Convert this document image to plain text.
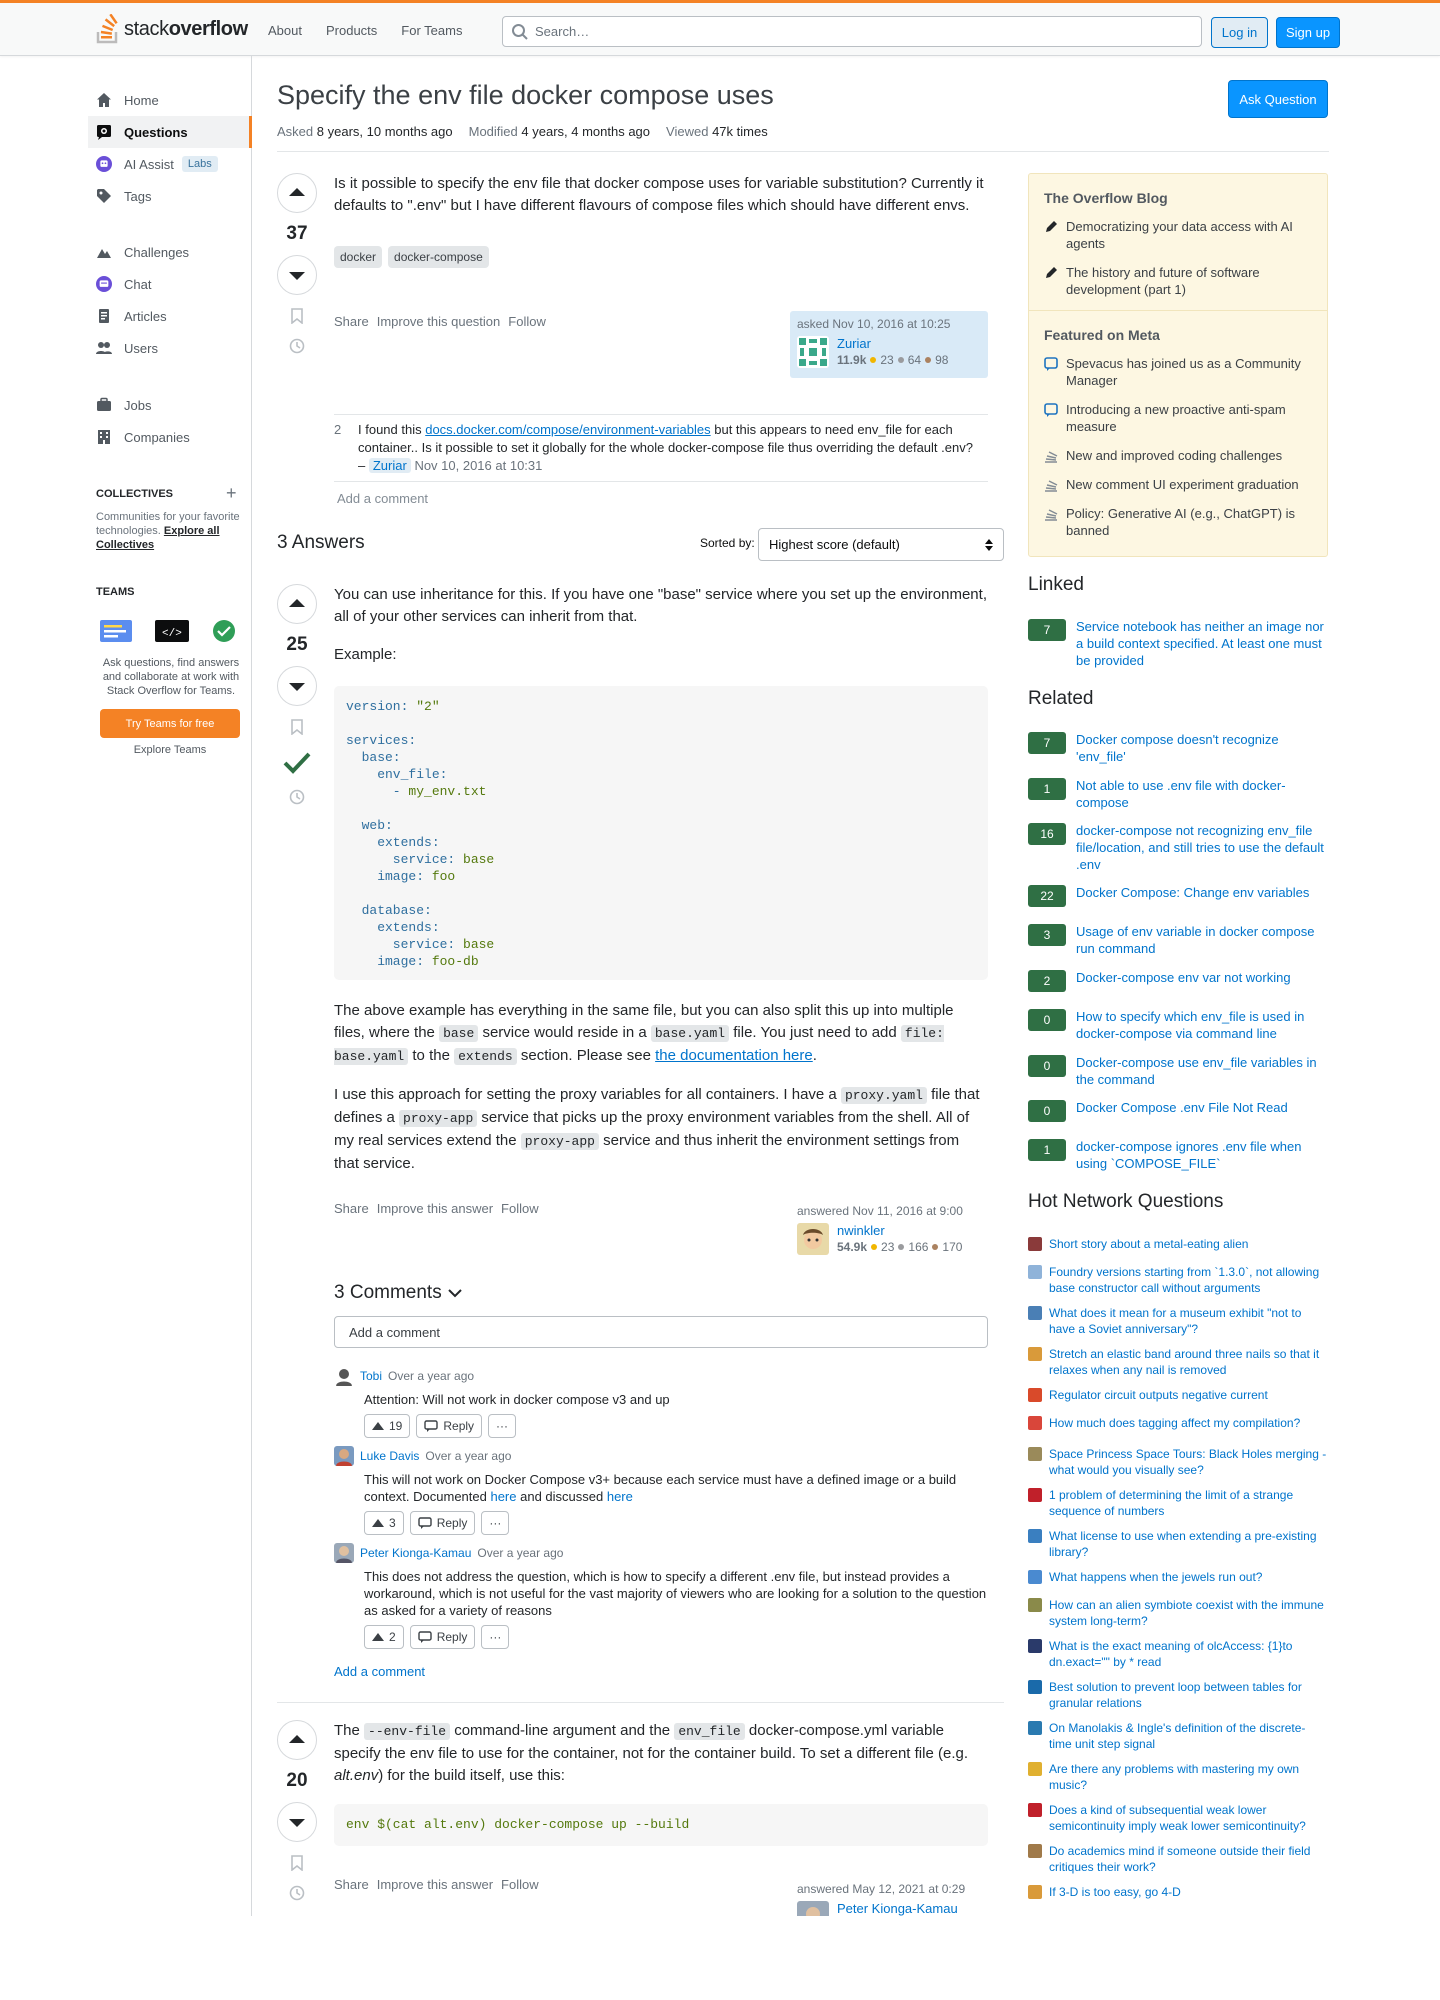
stackoverflow	About	Products	For Teams
Search…	Log in	Sign up
Home
Questions
AI Assist	Labs
Tags
Challenges
Chat
Articles
Users
Jobs
Companies
COLLECTIVES	+
Communities for your favorite technologies. Explore all Collectives
TEAMS
</>
Ask questions, find answers and collaborate at work with Stack Overflow for Teams.
Try Teams for free
Explore Teams
Specify the env file docker compose uses	Ask Question
Asked 8 years, 10 months ago Modified 4 years, 4 months ago Viewed 47k times
37

Is it possible to specify the env file that docker compose uses for variable substitution? Currently it defaults to ".env" but I have different flavours of compose files which should have different envs.

docker	docker-compose
Share Improve this question Follow	asked Nov 10, 2016 at 10:25
Zuriar
11.9k 23 64 98
2	I found this docs.docker.com/compose/environment-variables but this appears to need env_file for each container.. Is it possible to set it globally for the whole docker-compose file thus overriding the default .env? – Zuriar Nov 10, 2016 at 10:31
Add a comment
3 Answers	Sorted by: Highest score (default)
25

You can use inheritance for this. If you have one "base" service where you set up the environment, all of your other services can inherit from that.

Example:

version: "2"

services:
base:
env_file:
- my_env.txt

web:
extends:
service: base
image: foo

database:
extends:
service: base
image: foo-db

The above example has everything in the same file, but you can also split this up into multiple files, where the base service would reside in a base.yaml file. You just need to add file: base.yaml to the extends section. Please see the documentation here.

I use this approach for setting the proxy variables for all containers. I have a proxy.yaml file that defines a proxy-app service that picks up the proxy environment variables from the shell. All of my real services extend the proxy-app service and thus inherit the environment settings from that service.

Share Improve this answer Follow	answered Nov 11, 2016 at 9:00
nwinkler
54.9k 23 166 170
3 Comments
Add a comment
Tobi Over a year ago
Attention: Will not work in docker compose v3 and up
19	Reply	···
Luke Davis Over a year ago
This will not work on Docker Compose v3+ because each service must have a defined image or a build context. Documented here and discussed here
3	Reply	···
Peter Kionga-Kamau Over a year ago
This does not address the question, which is how to specify a different .env file, but instead provides a workaround, which is not useful for the vast majority of viewers who are looking for a solution to the question as asked for a variety of reasons
2	Reply	···
Add a comment
20

The --env-file command-line argument and the env_file docker-compose.yml variable specify the env file to use for the container, not for the container build. To set a different file (e.g. alt.env) for the build itself, use this:

env $(cat alt.env) docker-compose up --build
Share Improve this answer Follow	answered May 12, 2021 at 0:29
Peter Kionga-Kamau
The Overflow Blog
Democratizing your data access with AI agents
The history and future of software development (part 1)
Featured on Meta
Spevacus has joined us as a Community Manager
Introducing a new proactive anti-spam measure
New and improved coding challenges
New comment UI experiment graduation
Policy: Generative AI (e.g., ChatGPT) is banned
Linked
7	Service notebook has neither an image nor a build context specified. At least one must be provided
Related
7	Docker compose doesn't recognize 'env_file'
1	Not able to use .env file with docker-compose
16	docker-compose not recognizing env_file file/location, and still tries to use the default .env
22	Docker Compose: Change env variables
3	Usage of env variable in docker compose run command
2	Docker-compose env var not working
0	How to specify which env_file is used in docker-compose via command line
0	Docker-compose use env_file variables in the command
0	Docker Compose .env File Not Read
1	docker-compose ignores .env file when using `COMPOSE_FILE`
Hot Network Questions
Short story about a metal-eating alien
Foundry versions starting from `1.3.0`, not allowing base constructor call without arguments
What does it mean for a museum exhibit "not to have a Soviet anniversary"?
Stretch an elastic band around three nails so that it relaxes when any nail is removed
Regulator circuit outputs negative current
How much does tagging affect my compilation?
Space Princess Space Tours: Black Holes merging - what would you visually see?
1 problem of determining the limit of a strange sequence of numbers
What license to use when extending a pre-existing library?
What happens when the jewels run out?
How can an alien symbiote coexist with the immune system long-term?
What is the exact meaning of olcAccess: {1}to dn.exact="" by * read
Best solution to prevent loop between tables for granular relations
On Manolakis & Ingle's definition of the discrete-time unit step signal
Are there any problems with mastering my own music?
Does a kind of subsequential weak lower semicontinuity imply weak lower semicontinuity?
Do academics mind if someone outside their field critiques their work?
If 3-D is too easy, go 4-D
